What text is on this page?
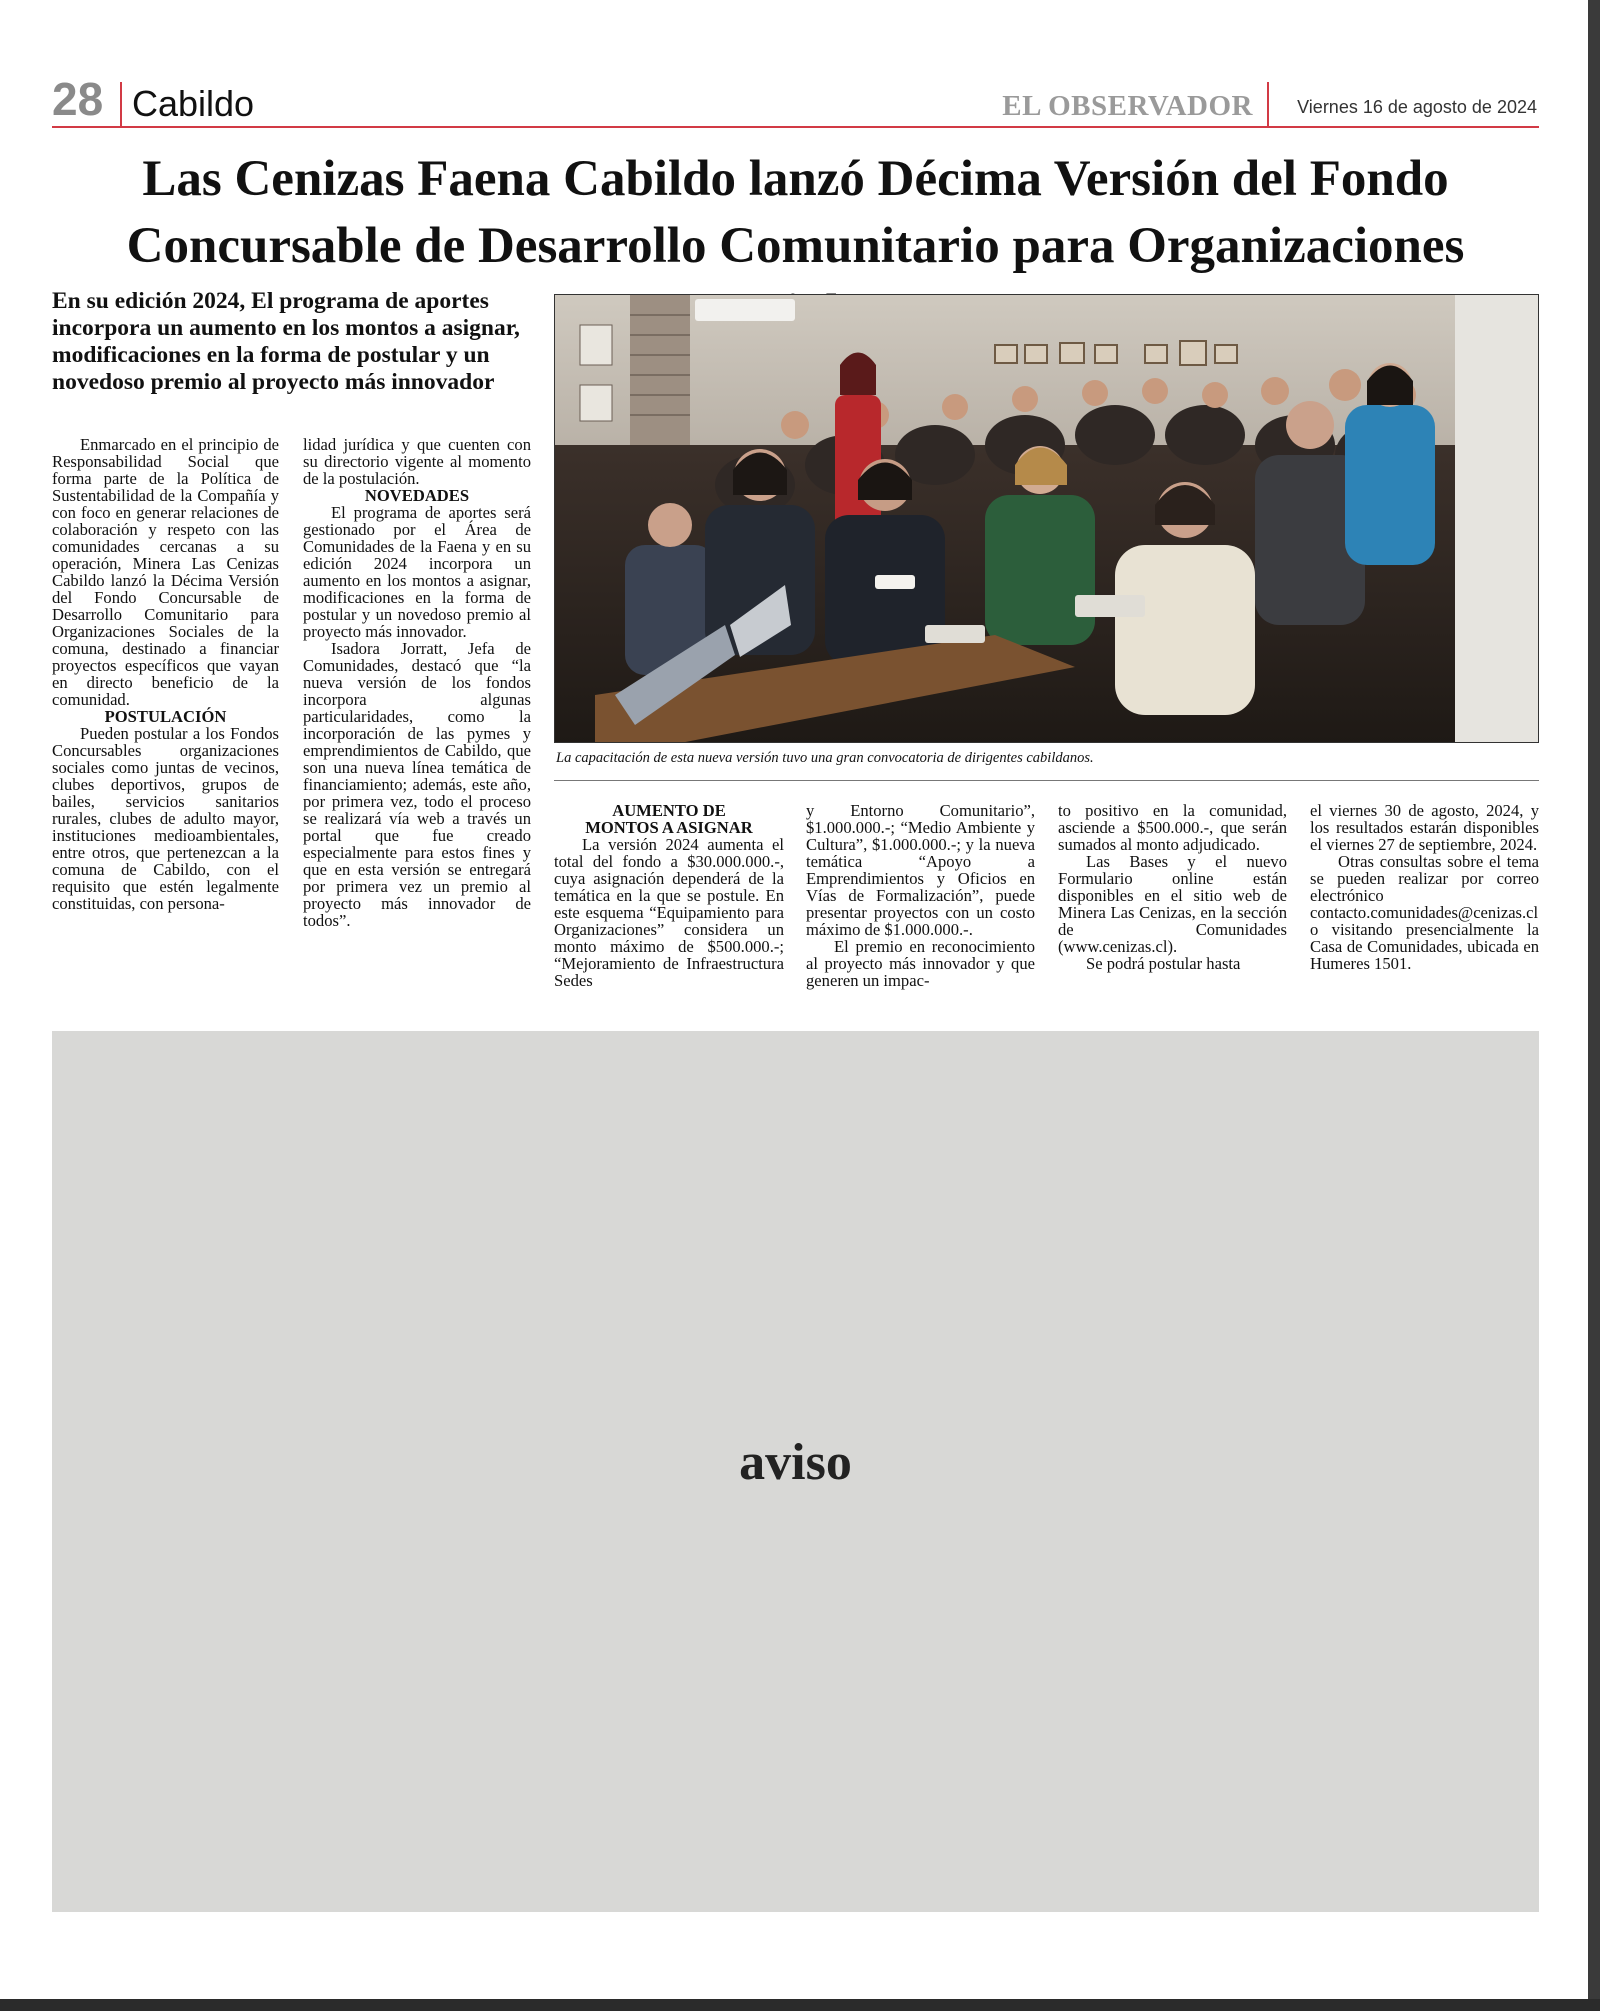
28 Cabildo	EL OBSERVADOR Viernes 16 de agosto de 2024
Las Cenizas Faena Cabildo lanzó Décima Versión del Fondo
Concursable de Desarrollo Comunitario para Organizaciones
En su edición 2024, El programa de aportes incorpora un aumento en los montos a asignar, modificaciones en la forma de postular y un novedoso premio al proyecto más innovador

Enmarcado en el principio de Responsabilidad Social que forma parte de la Política de Sustentabilidad de la Compañía y con foco en generar relaciones de colaboración y respeto con las comunidades cercanas a su operación, Minera Las Cenizas Cabildo lanzó la Décima Versión del Fondo Concursable de Desarrollo Comunitario para Organizaciones Sociales de la comuna, destinado a financiar proyectos específicos que vayan en directo beneficio de la comunidad.

POSTULACIÓN

Pueden postular a los Fondos Concursables organizaciones sociales como juntas de vecinos, clubes deportivos, grupos de bailes, servicios sanitarios rurales, clubes de adulto mayor, instituciones medioambientales, entre otros, que pertenezcan a la comuna de Cabildo, con el requisito que estén legalmente constituidas, con persona-

lidad jurídica y que cuenten con su directorio vigente al momento de la postulación.

NOVEDADES

El programa de aportes será gestionado por el Área de Comunidades de la Faena y en su edición 2024 incorpora un aumento en los montos a asignar, modificaciones en la forma de postular y un novedoso premio al proyecto más innovador.

Isadora Jorratt, Jefa de Comunidades, destacó que “la nueva versión de los fondos incorpora algunas particularidades, como la incorporación de las pymes y emprendimientos de Cabildo, que son una nueva línea temática de financiamiento; además, este año, por primera vez, todo el proceso se realizará vía web a través un portal que fue creado especialmente para estos fines y que en esta versión se entregará por primera vez un premio al proyecto más innovador de todos”.

La capacitación de esta nueva versión tuvo una gran convocatoria de dirigentes cabildanos.
AUMENTO DE MONTOS A ASIGNAR

La versión 2024 aumenta el total del fondo a $30.000.000.-, cuya asignación dependerá de la temática en la que se postule. En este esquema “Equipamiento para Organizaciones” considera un monto máximo de $500.000.-; “Mejoramiento de Infraestructura Sedes

y Entorno Comunitario”, $1.000.000.-; “Medio Ambiente y Cultura”, $1.000.000.-; y la nueva temática “Apoyo a Emprendimientos y Oficios en Vías de Formalización”, puede presentar proyectos con un costo máximo de $1.000.000.-.

El premio en reconocimiento al proyecto más innovador y que generen un impac-

to positivo en la comunidad, asciende a $500.000.-, que serán sumados al monto adjudicado.

Las Bases y el nuevo Formulario online están disponibles en el sitio web de Minera Las Cenizas, en la sección de Comunidades (www.cenizas.cl).

Se podrá postular hasta

el viernes 30 de agosto, 2024, y los resultados estarán disponibles el viernes 27 de septiembre, 2024.

Otras consultas sobre el tema se pueden realizar por correo electrónico contacto.comunidades@cenizas.cl o visitando presencialmente la Casa de Comunidades, ubicada en Humeres 1501.

aviso
